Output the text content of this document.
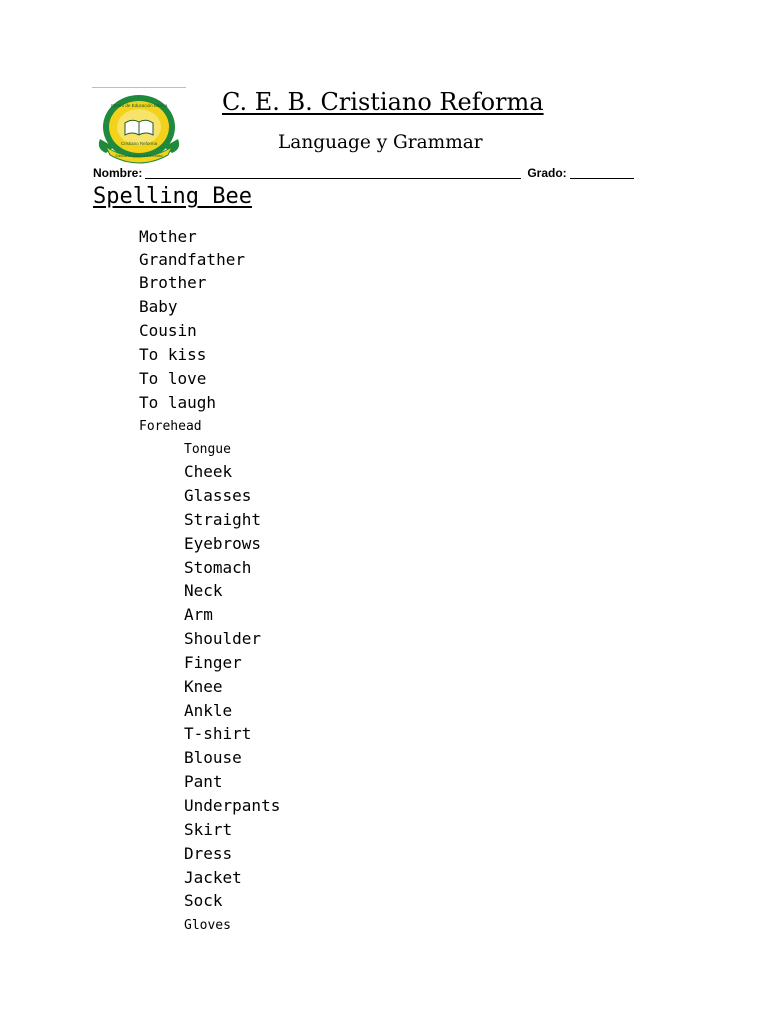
Centro de Educación Básica
Cristiano Reforma
Educando para la Eternidad
C. E. B. Cristiano Reforma
Language y Grammar
Nombre:	Grado:
Spelling Bee
Mother
Grandfather
Brother
Baby
Cousin
To kiss
To love
To laugh
Forehead
Tongue
Cheek
Glasses
Straight
Eyebrows
Stomach
Neck
Arm
Shoulder
Finger
Knee
Ankle
T-shirt
Blouse
Pant
Underpants
Skirt
Dress
Jacket
Sock
Gloves
